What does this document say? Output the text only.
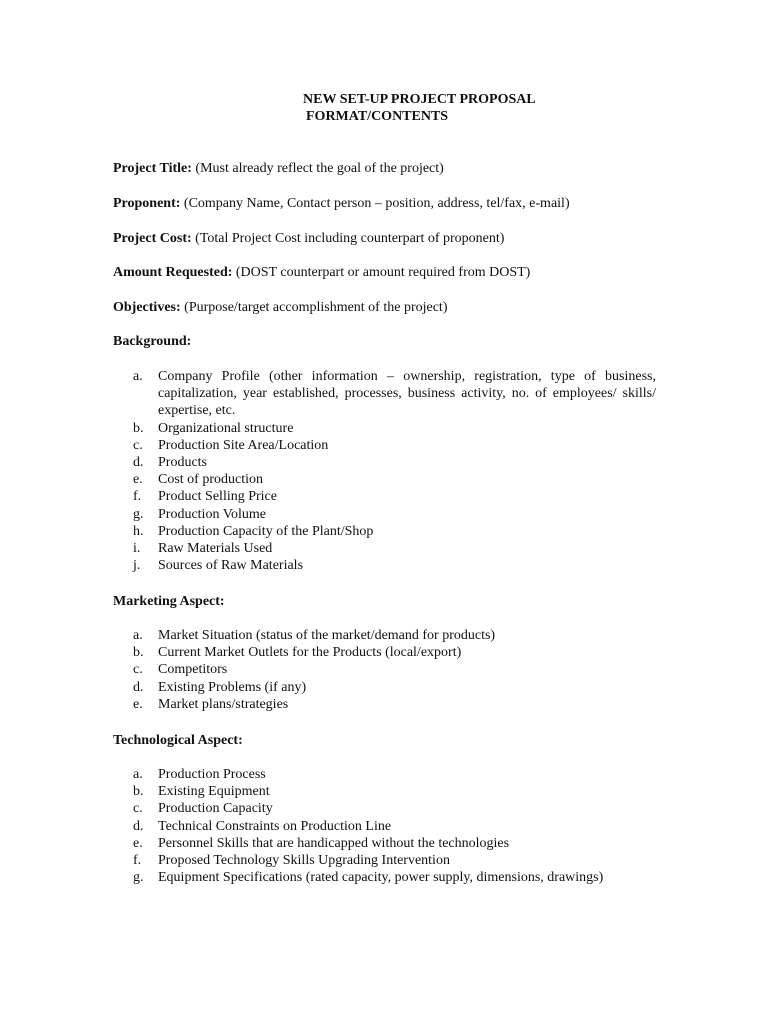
NEW SET-UP PROJECT PROPOSAL
FORMAT/CONTENTS
Project Title: (Must already reflect the goal of the project)
Proponent: (Company Name, Contact person – position, address, tel/fax, e-mail)
Project Cost: (Total Project Cost including counterpart of proponent)
Amount Requested: (DOST counterpart or amount required from DOST)
Objectives: (Purpose/target accomplishment of the project)
Background:
a.	Company Profile (other information – ownership, registration, type of business, capitalization, year established, processes, business activity, no. of employees/ skills/ expertise, etc.
b.	Organizational structure
c.	Production Site Area/Location
d.	Products
e.	Cost of production
f.	Product Selling Price
g.	Production Volume
h.	Production Capacity of the Plant/Shop
i.	Raw Materials Used
j.	Sources of Raw Materials
Marketing Aspect:
a.	Market Situation (status of the market/demand for products)
b.	Current Market Outlets for the Products (local/export)
c.	Competitors
d.	Existing Problems (if any)
e.	Market plans/strategies
Technological Aspect:
a.	Production Process
b.	Existing Equipment
c.	Production Capacity
d.	Technical Constraints on Production Line
e.	Personnel Skills that are handicapped without the technologies
f.	Proposed Technology Skills Upgrading Intervention
g.	Equipment Specifications (rated capacity, power supply, dimensions, drawings)
